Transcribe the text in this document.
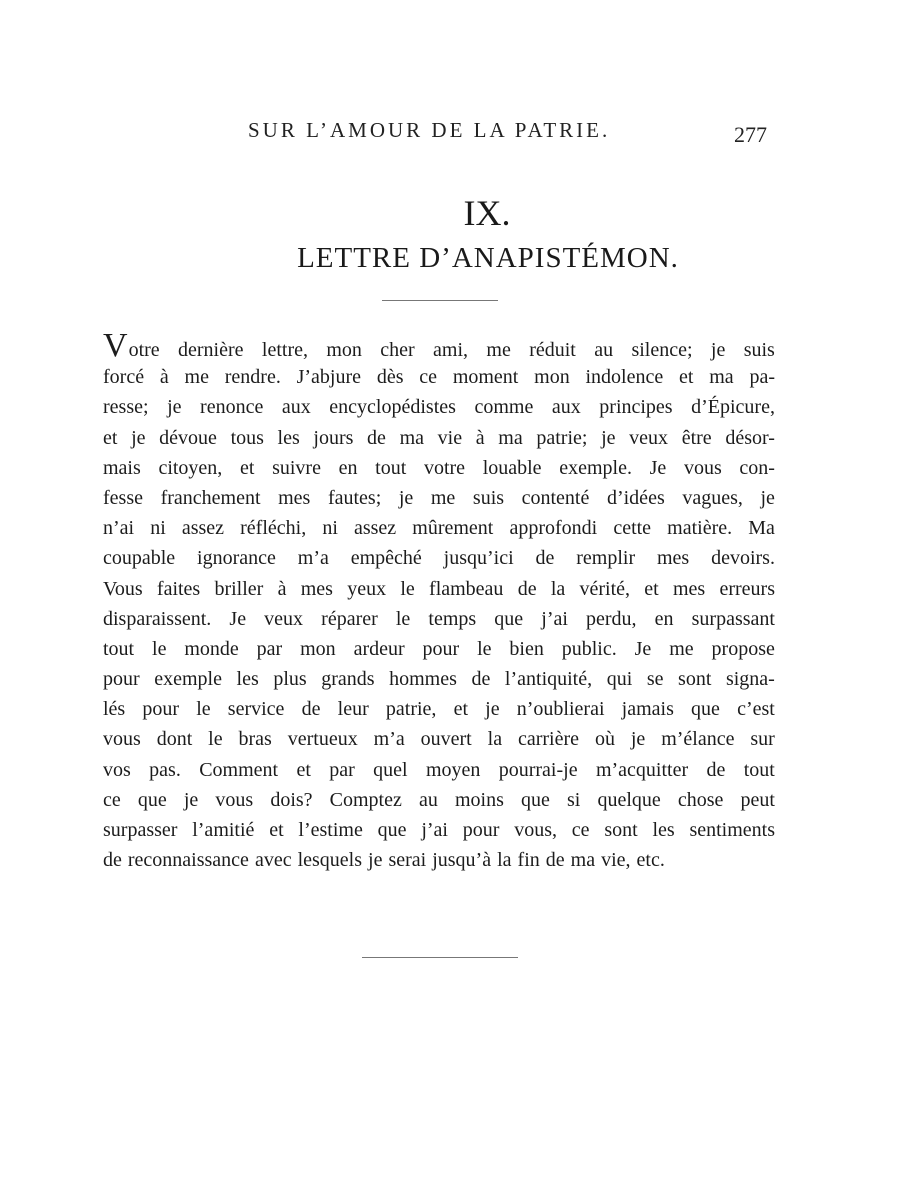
SUR L’AMOUR DE LA PATRIE.	277
IX.
LETTRE D’ANAPISTÉMON.
Votre dernière lettre, mon cher ami, me réduit au silence; je suis
forcé à me rendre. J’abjure dès ce moment mon indolence et ma pa-
resse; je renonce aux encyclopédistes comme aux principes d’Épicure,
et je dévoue tous les jours de ma vie à ma patrie; je veux être désor-
mais citoyen, et suivre en tout votre louable exemple. Je vous con-
fesse franchement mes fautes; je me suis contenté d’idées vagues, je
n’ai ni assez réfléchi, ni assez mûrement approfondi cette matière. Ma
coupable ignorance m’a empêché jusqu’ici de remplir mes devoirs.
Vous faites briller à mes yeux le flambeau de la vérité, et mes erreurs
disparaissent. Je veux réparer le temps que j’ai perdu, en surpassant
tout le monde par mon ardeur pour le bien public. Je me propose
pour exemple les plus grands hommes de l’antiquité, qui se sont signa-
lés pour le service de leur patrie, et je n’oublierai jamais que c’est
vous dont le bras vertueux m’a ouvert la carrière où je m’élance sur
vos pas. Comment et par quel moyen pourrai-je m’acquitter de tout
ce que je vous dois? Comptez au moins que si quelque chose peut
surpasser l’amitié et l’estime que j’ai pour vous, ce sont les sentiments
de reconnaissance avec lesquels je serai jusqu’à la fin de ma vie, etc.
